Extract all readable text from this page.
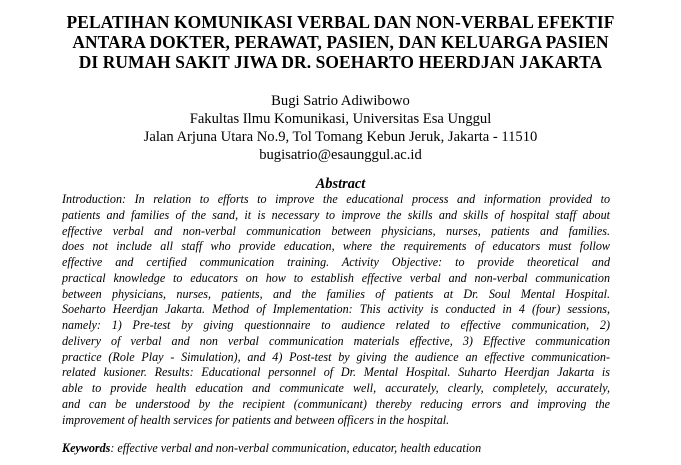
PELATIHAN KOMUNIKASI VERBAL DAN NON-VERBAL EFEKTIF
ANTARA DOKTER, PERAWAT, PASIEN, DAN KELUARGA PASIEN
DI RUMAH SAKIT JIWA DR. SOEHARTO HEERDJAN JAKARTA
Bugi Satrio Adiwibowo
Fakultas Ilmu Komunikasi, Universitas Esa Unggul
Jalan Arjuna Utara No.9, Tol Tomang Kebun Jeruk, Jakarta - 11510
bugisatrio@esaunggul.ac.id
Abstract
Introduction: In relation to efforts to improve the educational process and information provided to
patients and families of the sand, it is necessary to improve the skills and skills of hospital staff about
effective verbal and non-verbal communication between physicians, nurses, patients and families.
does not include all staff who provide education, where the requirements of educators must follow
effective and certified communication training. Activity Objective: to provide theoretical and
practical knowledge to educators on how to establish effective verbal and non-verbal communication
between physicians, nurses, patients, and the families of patients at Dr. Soul Mental Hospital.
Soeharto Heerdjan Jakarta. Method of Implementation: This activity is conducted in 4 (four) sessions,
namely: 1) Pre-test by giving questionnaire to audience related to effective communication, 2)
delivery of verbal and non verbal communication materials effective, 3) Effective communication
practice (Role Play - Simulation), and 4) Post-test by giving the audience an effective communication-
related kusioner. Results: Educational personnel of Dr. Mental Hospital. Suharto Heerdjan Jakarta is
able to provide health education and communicate well, accurately, clearly, completely, accurately,
and can be understood by the recipient (communicant) thereby reducing errors and improving the
improvement of health services for patients and between officers in the hospital.
Keywords: effective verbal and non-verbal communication, educator, health education
